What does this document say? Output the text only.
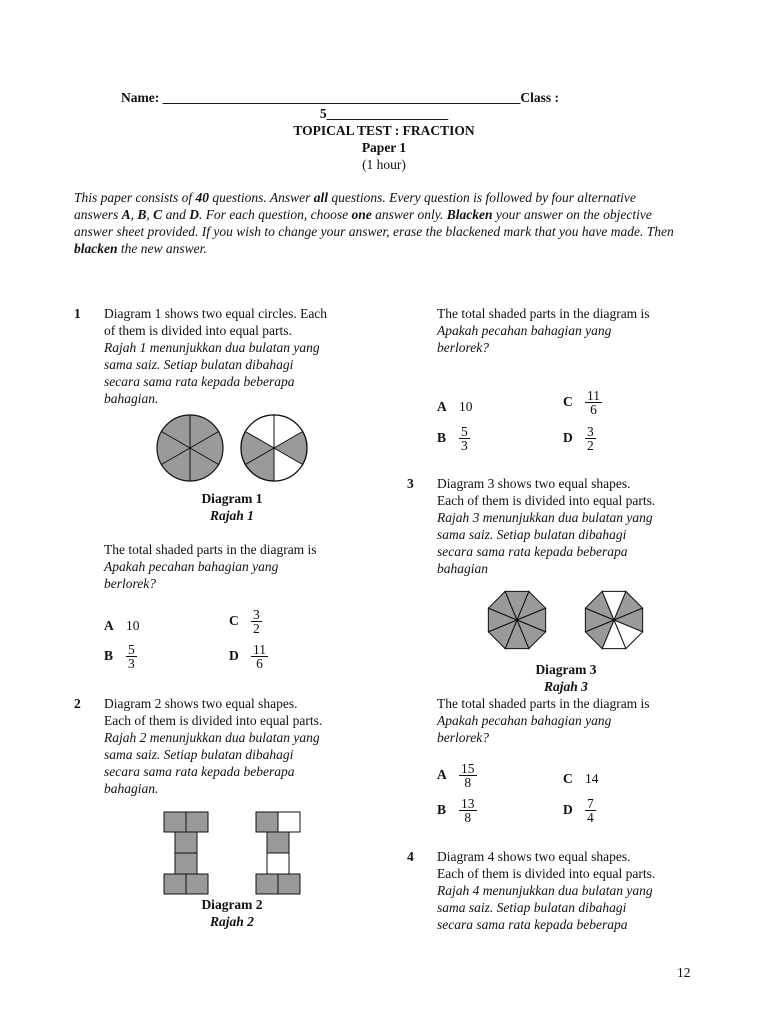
Name: _____________________________________________________Class :
5__________________
TOPICAL TEST : FRACTION
Paper 1
(1 hour)
This paper consists of 40 questions. Answer all questions. Every question is followed by four alternative answers A, B, C and D. For each question, choose one answer only. Blacken your answer on the objective answer sheet provided. If you wish to change your answer, erase the blackened mark that you have made. Then blacken the new answer.
1 Diagram 1 shows two equal circles. Each
of them is divided into equal parts.
Rajah 1 menunjukkan dua bulatan yang
sama saiz. Setiap bulatan dibahagi
secara sama rata kepada beberapa
bahagian.
Diagram 1
Rajah 1
The total shaded parts in the diagram is
Apakah pecahan bahagian yang
berlorek?
A 10
B $\frac{5}{3}$
C $\frac{3}{2}$
D $\frac{11}{6}$
2 Diagram 2 shows two equal shapes.
Each of them is divided into equal parts.
Rajah 2 menunjukkan dua bulatan yang
sama saiz. Setiap bulatan dibahagi
secara sama rata kepada beberapa
bahagian.
Diagram 2
Rajah 2
The total shaded parts in the diagram is
Apakah pecahan bahagian yang
berlorek?
A 10
B $\frac{5}{3}$
C $\frac{11}{6}$
D $\frac{3}{2}$
3 Diagram 3 shows two equal shapes.
Each of them is divided into equal parts.
Rajah 3 menunjukkan dua bulatan yang
sama saiz. Setiap bulatan dibahagi
secara sama rata kepada beberapa
bahagian
Diagram 3
Rajah 3
The total shaded parts in the diagram is
Apakah pecahan bahagian yang
berlorek?
A $\frac{15}{8}$
B $\frac{13}{8}$
C 14
D $\frac{7}{4}$
4 Diagram 4 shows two equal shapes.
Each of them is divided into equal parts.
Rajah 4 menunjukkan dua bulatan yang
sama saiz. Setiap bulatan dibahagi
secara sama rata kepada beberapa
12
